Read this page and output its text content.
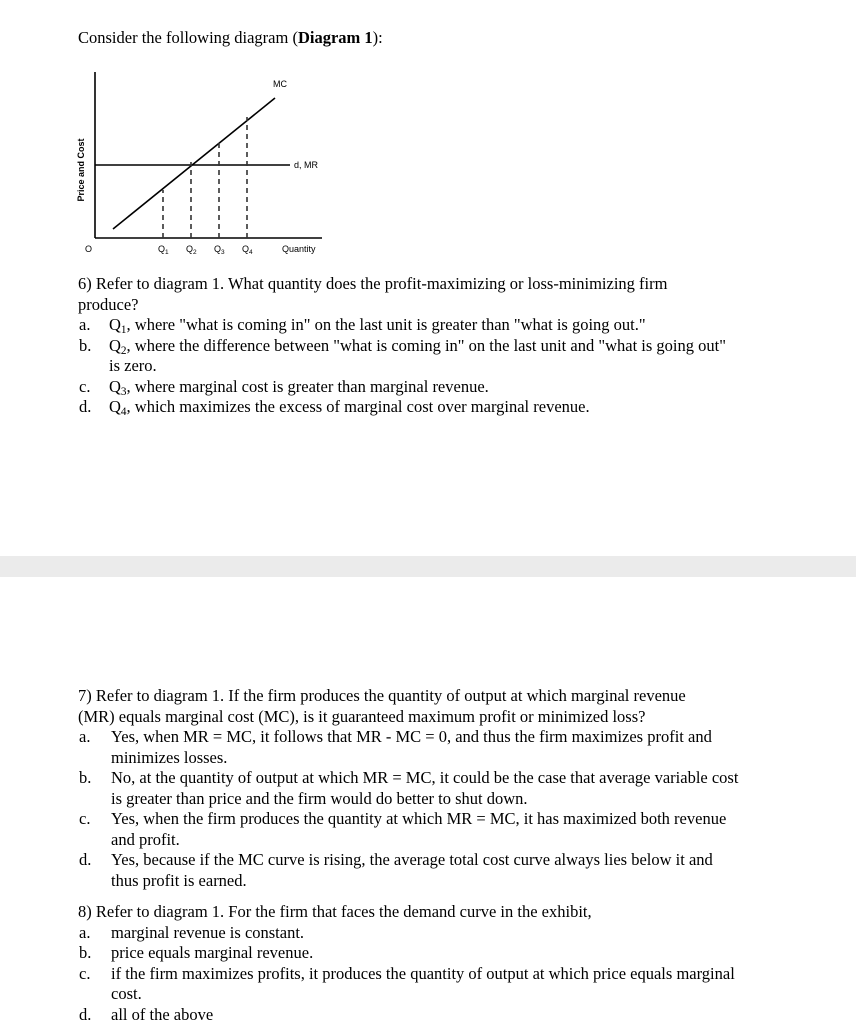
Consider the following diagram (Diagram 1):
Price and Cost
MC
d, MR
O	$Q_1$ $Q_2$ $Q_3$ $Q_4$	Quantity

6) Refer to diagram 1. What quantity does the profit-maximizing or loss-minimizing firm
produce?

a.	$Q_1$, where "what is coming in" on the last unit is greater than "what is going out."
b.	$Q_2$, where the difference between "what is coming in" on the last unit and "what is going out" is zero.
c.	$Q_3$, where marginal cost is greater than marginal revenue.
d.	$Q_4$, which maximizes the excess of marginal cost over marginal revenue.

7) Refer to diagram 1. If the firm produces the quantity of output at which marginal revenue
(MR) equals marginal cost (MC), is it guaranteed maximum profit or minimized loss?

a.	Yes, when MR = MC, it follows that MR - MC = 0, and thus the firm maximizes profit and minimizes losses.
b.	No, at the quantity of output at which MR = MC, it could be the case that average variable cost is greater than price and the firm would do better to shut down.
c.	Yes, when the firm produces the quantity at which MR = MC, it has maximized both revenue and profit.
d.	Yes, because if the MC curve is rising, the average total cost curve always lies below it and thus profit is earned.

8) Refer to diagram 1. For the firm that faces the demand curve in the exhibit,

a.	marginal revenue is constant.
b.	price equals marginal revenue.
c.	if the firm maximizes profits, it produces the quantity of output at which price equals marginal cost.
d.	all of the above
